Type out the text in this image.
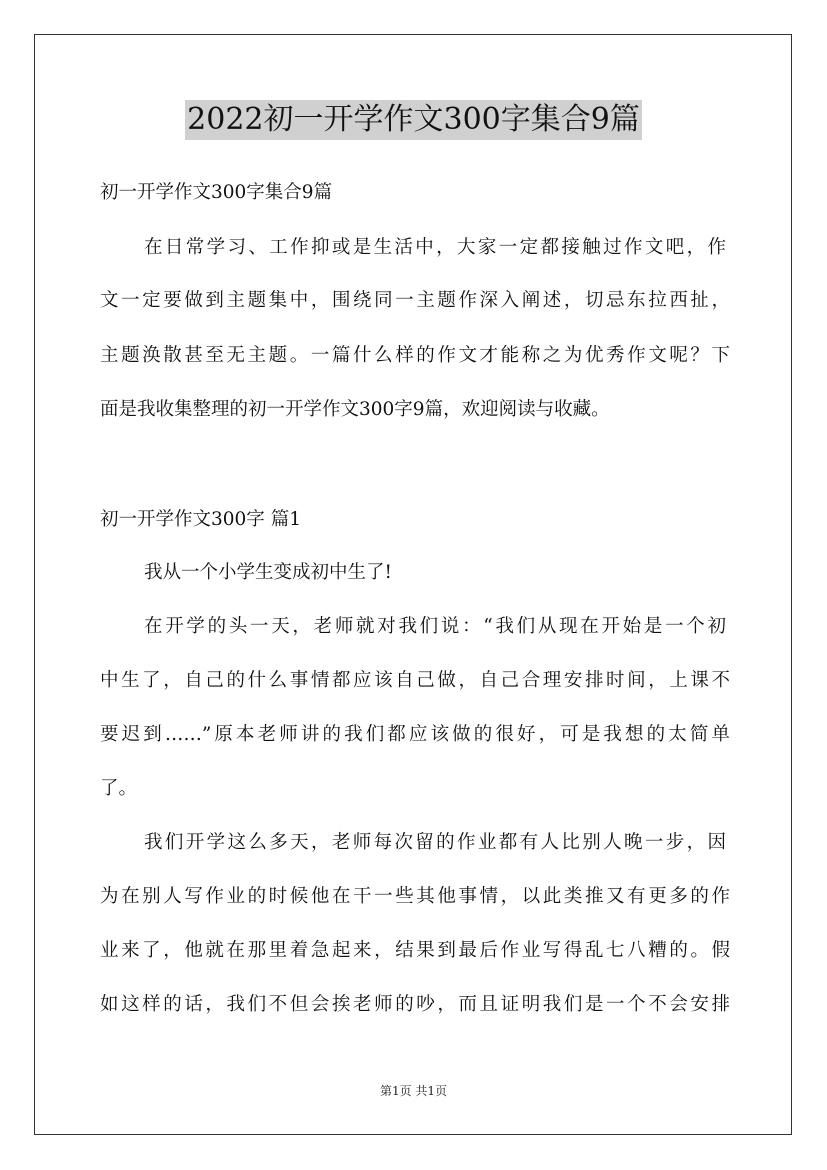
2022初一开学作文300字集合9篇
初一开学作文300字集合9篇
在日常学习、工作抑或是生活中，大家一定都接触过作文吧，作
文一定要做到主题集中，围绕同一主题作深入阐述，切忌东拉西扯，
主题涣散甚至无主题。一篇什么样的作文才能称之为优秀作文呢？下
面是我收集整理的初一开学作文300字9篇，欢迎阅读与收藏。
初一开学作文300字 篇1
我从一个小学生变成初中生了!
在开学的头一天，老师就对我们说：“我们从现在开始是一个初
中生了，自己的什么事情都应该自己做，自己合理安排时间，上课不
要迟到……”原本老师讲的我们都应该做的很好，可是我想的太简单
了。
我们开学这么多天，老师每次留的作业都有人比别人晚一步，因
为在别人写作业的时候他在干一些其他事情，以此类推又有更多的作
业来了，他就在那里着急起来，结果到最后作业写得乱七八糟的。假
如这样的话，我们不但会挨老师的吵，而且证明我们是一个不会安排
第1页 共1页
